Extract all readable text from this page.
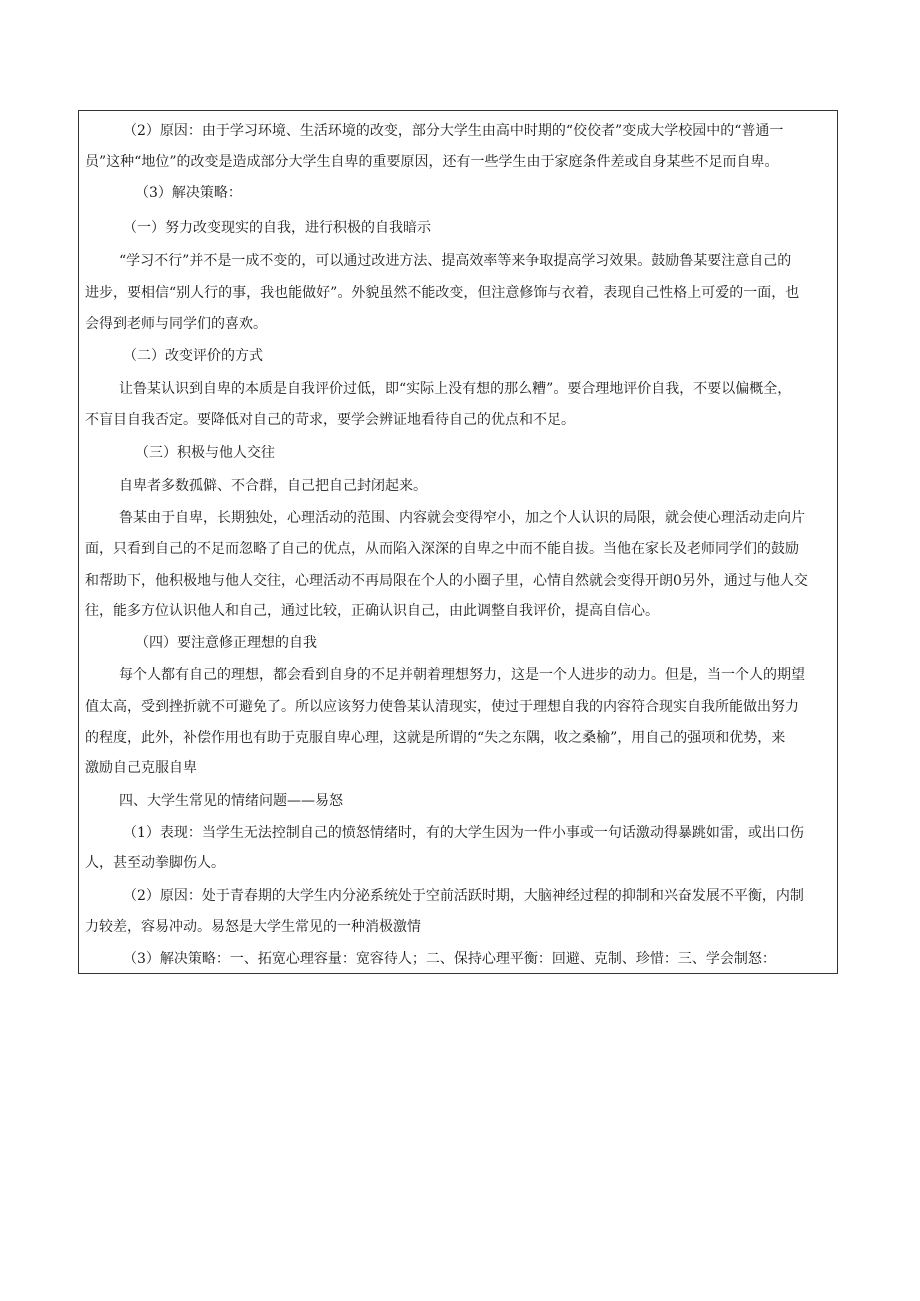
（2）原因：由于学习环境、生活环境的改变，部分大学生由高中时期的“佼佼者”变成大学校园中的“普通一

员”这种“地位”的改变是造成部分大学生自卑的重要原因，还有一些学生由于家庭条件差或自身某些不足而自卑。

（3）解决策略：

（一）努力改变现实的自我，进行积极的自我暗示

“学习不行”并不是一成不变的，可以通过改进方法、提高效率等来争取提高学习效果。鼓励鲁某要注意自己的

进步，要相信“别人行的事，我也能做好”。外貌虽然不能改变，但注意修饰与衣着，表现自己性格上可爱的一面，也

会得到老师与同学们的喜欢。

（二）改变评价的方式

让鲁某认识到自卑的本质是自我评价过低，即“实际上没有想的那么糟”。要合理地评价自我，不要以偏概全，

不盲目自我否定。要降低对自己的苛求，要学会辨证地看待自己的优点和不足。

（三）积极与他人交往

自卑者多数孤僻、不合群，自己把自己封闭起来。

鲁某由于自卑，长期独处，心理活动的范围、内容就会变得窄小，加之个人认识的局限，就会使心理活动走向片

面，只看到自己的不足而忽略了自己的优点，从而陷入深深的自卑之中而不能自拔。当他在家长及老师同学们的鼓励

和帮助下，他积极地与他人交往，心理活动不再局限在个人的小圈子里，心情自然就会变得开朗0另外，通过与他人交

往，能多方位认识他人和自己，通过比较，正确认识自己，由此调整自我评价，提高自信心。

（四）要注意修正理想的自我

每个人都有自己的理想，都会看到自身的不足并朝着理想努力，这是一个人进步的动力。但是，当一个人的期望

值太高，受到挫折就不可避免了。所以应该努力使鲁某认清现实，使过于理想自我的内容符合现实自我所能做出努力

的程度，此外，补偿作用也有助于克服自卑心理，这就是所谓的“失之东隅，收之桑榆”，用自己的强项和优势，来

激励自己克服自卑

四、大学生常见的情绪问题——易怒

（1）表现：当学生无法控制自己的愤怒情绪时，有的大学生因为一件小事或一句话激动得暴跳如雷，或出口伤

人，甚至动拳脚伤人。

（2）原因：处于青春期的大学生内分泌系统处于空前活跃时期，大脑神经过程的抑制和兴奋发展不平衡，内制

力较差，容易冲动。易怒是大学生常见的一种消极激情

（3）解决策略：一、拓宽心理容量：宽容待人；二、保持心理平衡：回避、克制、珍惜：三、学会制怒：
